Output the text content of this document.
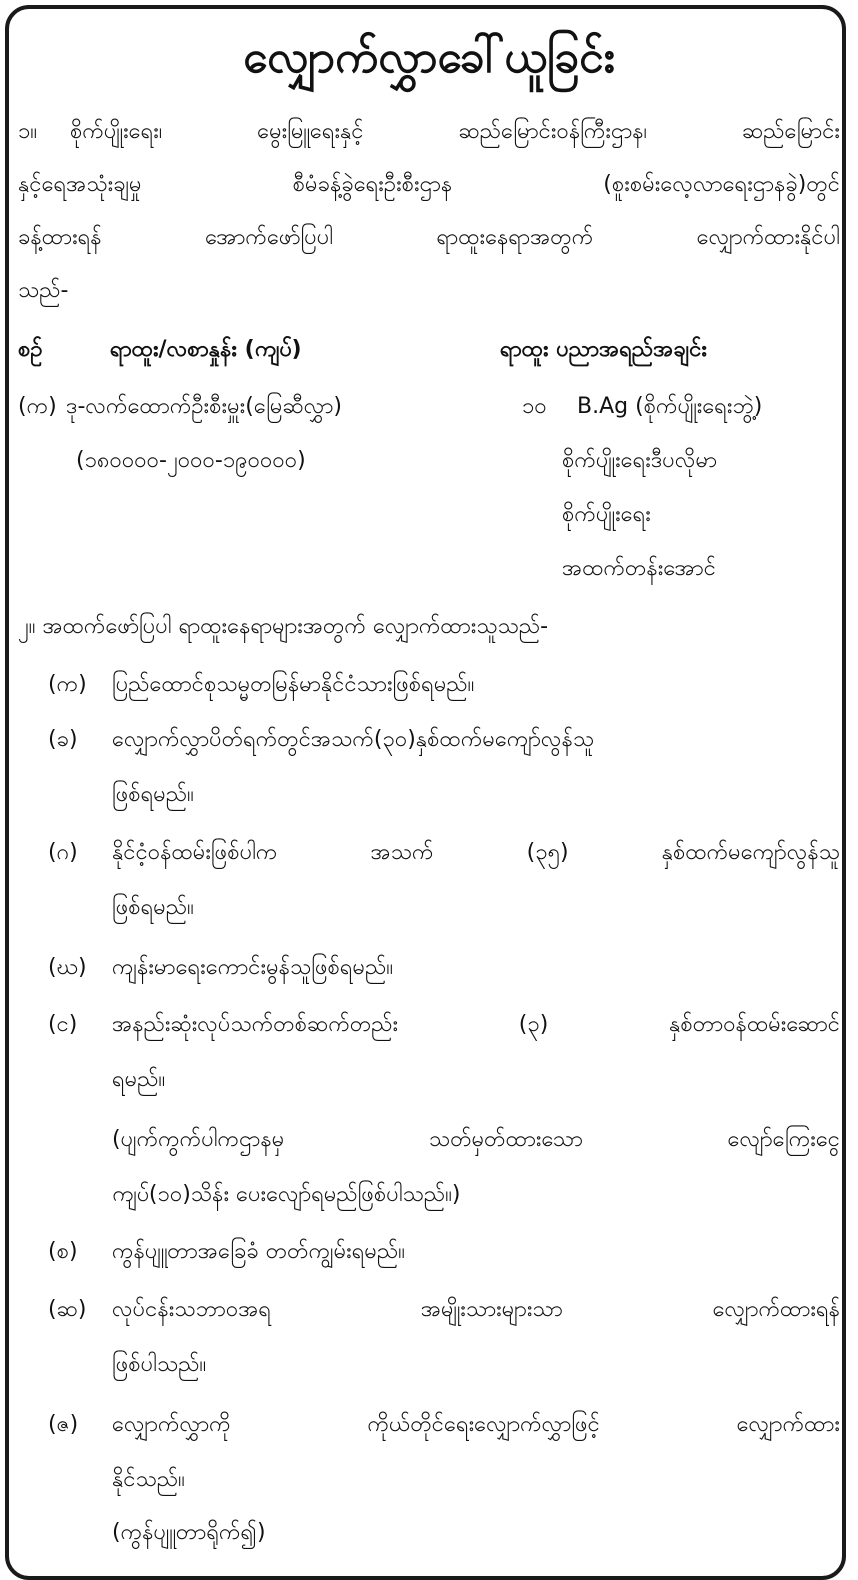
လျှောက်လွှာခေါ်ယူခြင်း
၁။ စိုက်ပျိုးရေး၊	မွေးမြူရေးနှင့်	ဆည်မြောင်းဝန်ကြီးဌာန၊	ဆည်မြောင်း
နှင့်ရေအသုံးချမှု	စီမံခန့်ခွဲရေးဦးစီးဌာန	(စူးစမ်းလေ့လာရေးဌာနခွဲ)တွင်
ခန့်ထားရန်	အောက်ဖော်ပြပါ	ရာထူးနေရာအတွက်	လျှောက်ထားနိုင်ပါ
သည်-
စဉ်	ရာထူး/လစာနှုန်း (ကျပ်)	ရာထူး ပညာအရည်အချင်း
(က) ဒု-လက်ထောက်ဦးစီးမှူး(မြေဆီလွှာ)	၁၀ B.Ag (စိုက်ပျိုးရေးဘွဲ့)
(၁၈၀၀၀၀-၂၀၀၀-၁၉၀၀၀၀)	စိုက်ပျိုးရေးဒီပလိုမာ
စိုက်ပျိုးရေး
အထက်တန်းအောင်
၂။ အထက်ဖော်ပြပါ ရာထူးနေရာများအတွက် လျှောက်ထားသူသည်-
(က) ပြည်ထောင်စုသမ္မတမြန်မာနိုင်ငံသားဖြစ်ရမည်။
(ခ) လျှောက်လွှာပိတ်ရက်တွင်အသက်(၃၀)နှစ်ထက်မကျော်လွန်သူ
ဖြစ်ရမည်။
(ဂ) နိုင်ငံ့ဝန်ထမ်းဖြစ်ပါက	အသက်	(၃၅)	နှစ်ထက်မကျော်လွန်သူ
ဖြစ်ရမည်။
(ဃ) ကျန်းမာရေးကောင်းမွန်သူဖြစ်ရမည်။
(င) အနည်းဆုံးလုပ်သက်တစ်ဆက်တည်း	(၃)	နှစ်တာဝန်ထမ်းဆောင်
ရမည်။
(ပျက်ကွက်ပါကဌာနမှ	သတ်မှတ်ထားသော	လျော်ကြေးငွေ
ကျပ်(၁၀)သိန်း ပေးလျော်ရမည်ဖြစ်ပါသည်။)
(စ) ကွန်ပျူတာအခြေခံ တတ်ကျွမ်းရမည်။
(ဆ) လုပ်ငန်းသဘာဝအရ	အမျိုးသားများသာ	လျှောက်ထားရန်
ဖြစ်ပါသည်။
(ဇ) လျှောက်လွှာကို	ကိုယ်တိုင်ရေးလျှောက်လွှာဖြင့်	လျှောက်ထား
နိုင်သည်။
(ကွန်ပျူတာရိုက်၍)
